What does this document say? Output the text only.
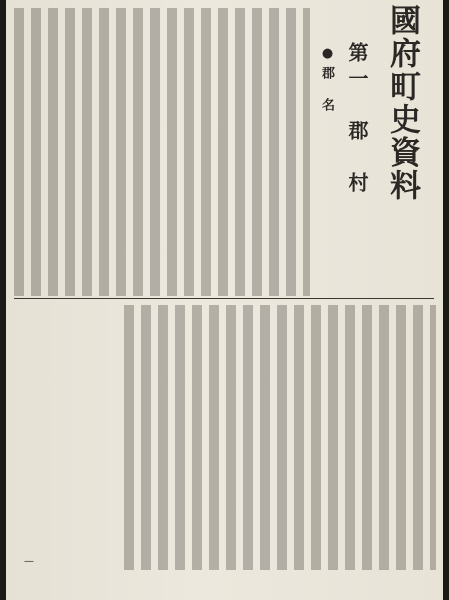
國府町史資料
第一　郡　村
●
郡　名
—
